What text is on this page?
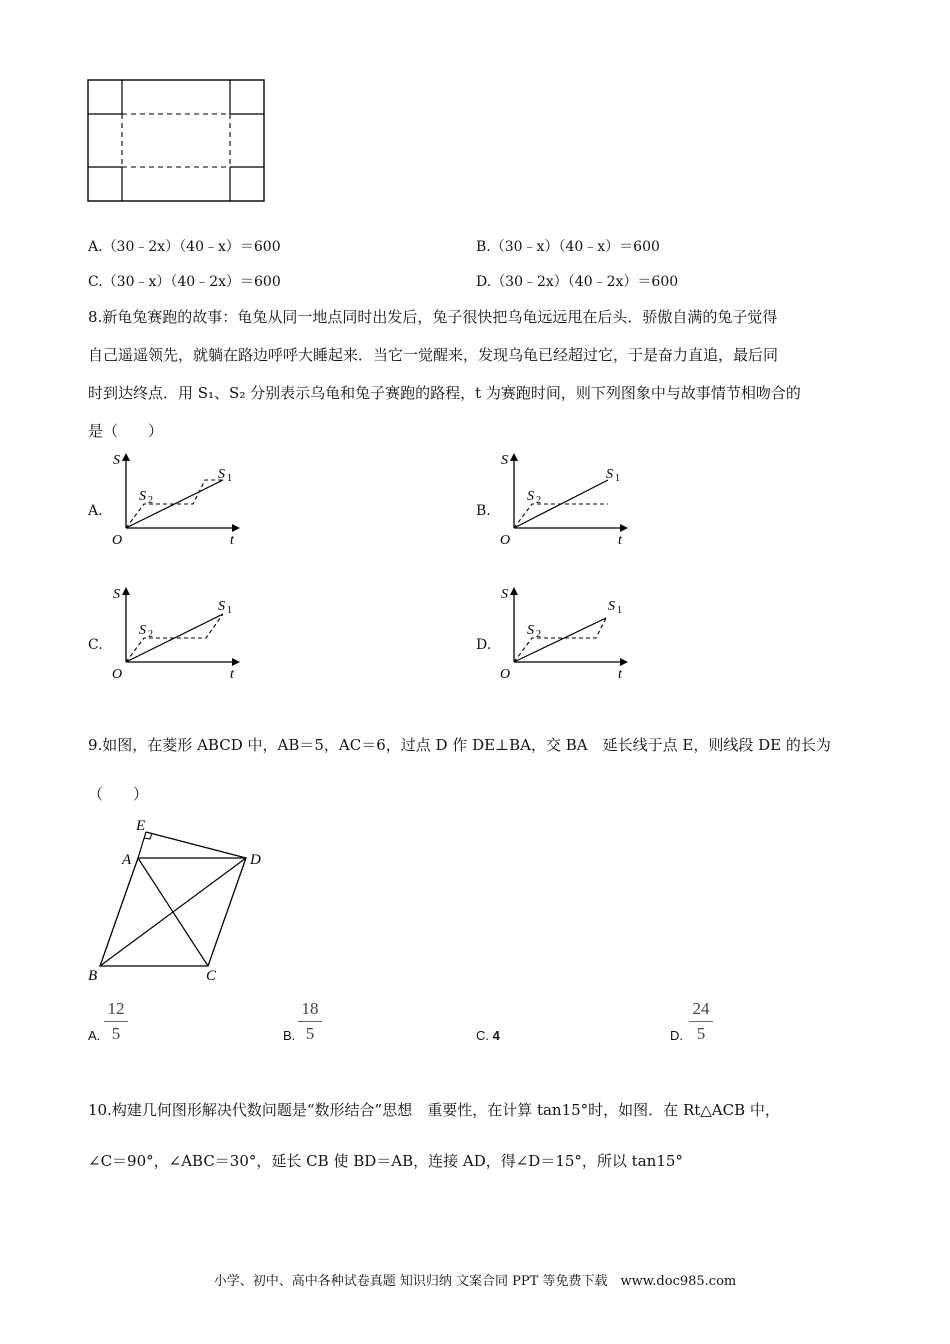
A.（30﹣2x）（40﹣x）＝600	B.（30﹣x）（40﹣x）＝600
C.（30﹣x）（40﹣2x）＝600	D.（30﹣2x）（40﹣2x）＝600
8.新龟兔赛跑的故事：龟兔从同一地点同时出发后，兔子很快把乌龟远远甩在后头．骄傲自满的兔子觉得
自己遥遥领先，就躺在路边呼呼大睡起来．当它一觉醒来，发现乌龟已经超过它，于是奋力直追，最后同
时到达终点．用 S₁、S₂ 分别表示乌龟和兔子赛跑的路程，t 为赛跑时间，则下列图象中与故事情节相吻合的
是（　　）
A.	B.
C.	D.
S
t
O
S 1
S 2
S
t
O
S 1
S 2
S
t
O
S 1
S 2
S
t
O
S 1
S 2
9.如图，在菱形 ABCD 中，AB＝5，AC＝6，过点 D 作 DE⊥BA，交 BA　延长线于点 E，则线段 DE 的长为
（　　）
E
A	D
B	C
A.
12
5	B.
18
5	C. 4	D.
24
5
10.构建几何图形解决代数问题是“数形结合”思想　重要性，在计算 tan15°时，如图．在 Rt△ACB 中，
∠C＝90°，∠ABC＝30°，延长 CB 使 BD＝AB，连接 AD，得∠D＝15°，所以 tan15°
小学、初中、高中各种试卷真题 知识归纳 文案合同 PPT 等免费下载　www.doc985.com
